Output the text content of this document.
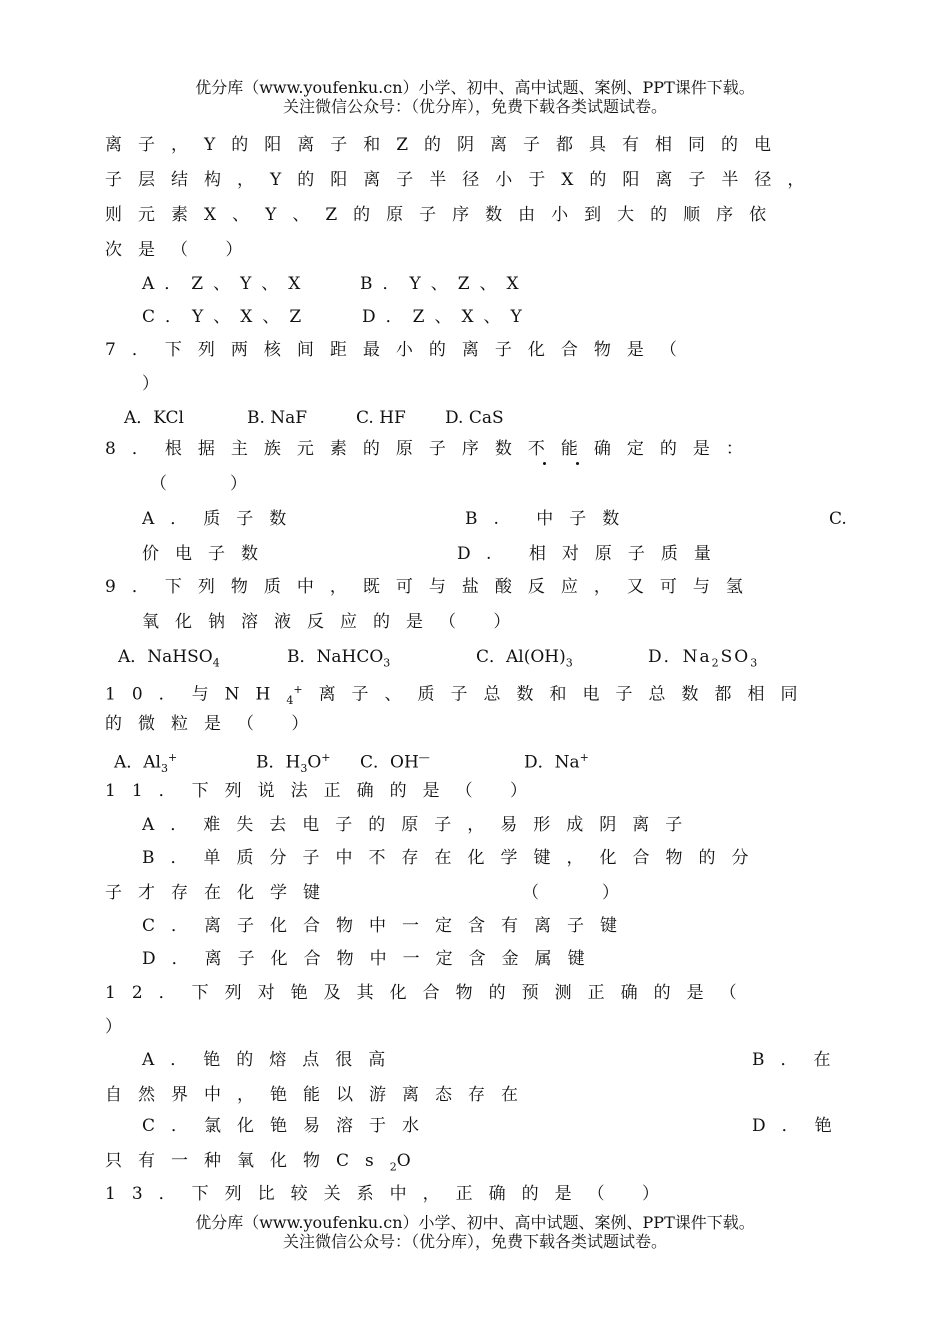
优分库（www.youfenku.cn）小学、初中、高中试题、案例、PPT课件下载。
关注微信公众号：（优分库），免费下载各类试题试卷。
离子，Y的阳离子和Z的阴离子都具有相同的电
子层结构，Y的阳离子半径小于X的阳离子半径，
则元素X、Y、Z的原子序数由小到大的顺序依
次是（ ）
A．Z、Y、X	B．Y、Z、X
C．Y、X、Z	D．Z、X、Y
7．下列两核间距最小的离子化合物是（
）
A．KCl	B. NaF	C. HF D. CaS
8．根据主族元素的原子序数不能确定的是：
（     ）
A．质子数	B. 中子数	C.
价电子数	D. 相对原子质量
9．下列物质中，既可与盐酸反应，又可与氢
氧化钠溶液反应的是（ ）
A．NaHSO$_4$	B．NaHCO$_3$	C．$Al(OH)_3$	D．$Na_2SO_3$
10．与$NH_4^+$离子、质子总数和电子总数都相同
的微粒是（ ）
A．$Al_3^+$	B．$H_3O^+$ C．OH—	D．Na+
11．下列说法正确的是（ ）
A．难失去电子的原子，易形成阴离子
B．单质分子中不存在化学键，化合物的分
子才存在化学键	（     ）
C．离子化合物中一定含有离子键
D．离子化合物中一定含金属键
12．下列对铯及其化合物的预测正确的是（
）
A．铯的熔点很高	B．在
自然界中，铯能以游离态存在
C．氯化铯易溶于水	D．铯
只有一种氧化物$Cs_2O$
13．下列比较关系中，正确的是（ ）
优分库（www.youfenku.cn）小学、初中、高中试题、案例、PPT课件下载。
关注微信公众号：（优分库），免费下载各类试题试卷。
